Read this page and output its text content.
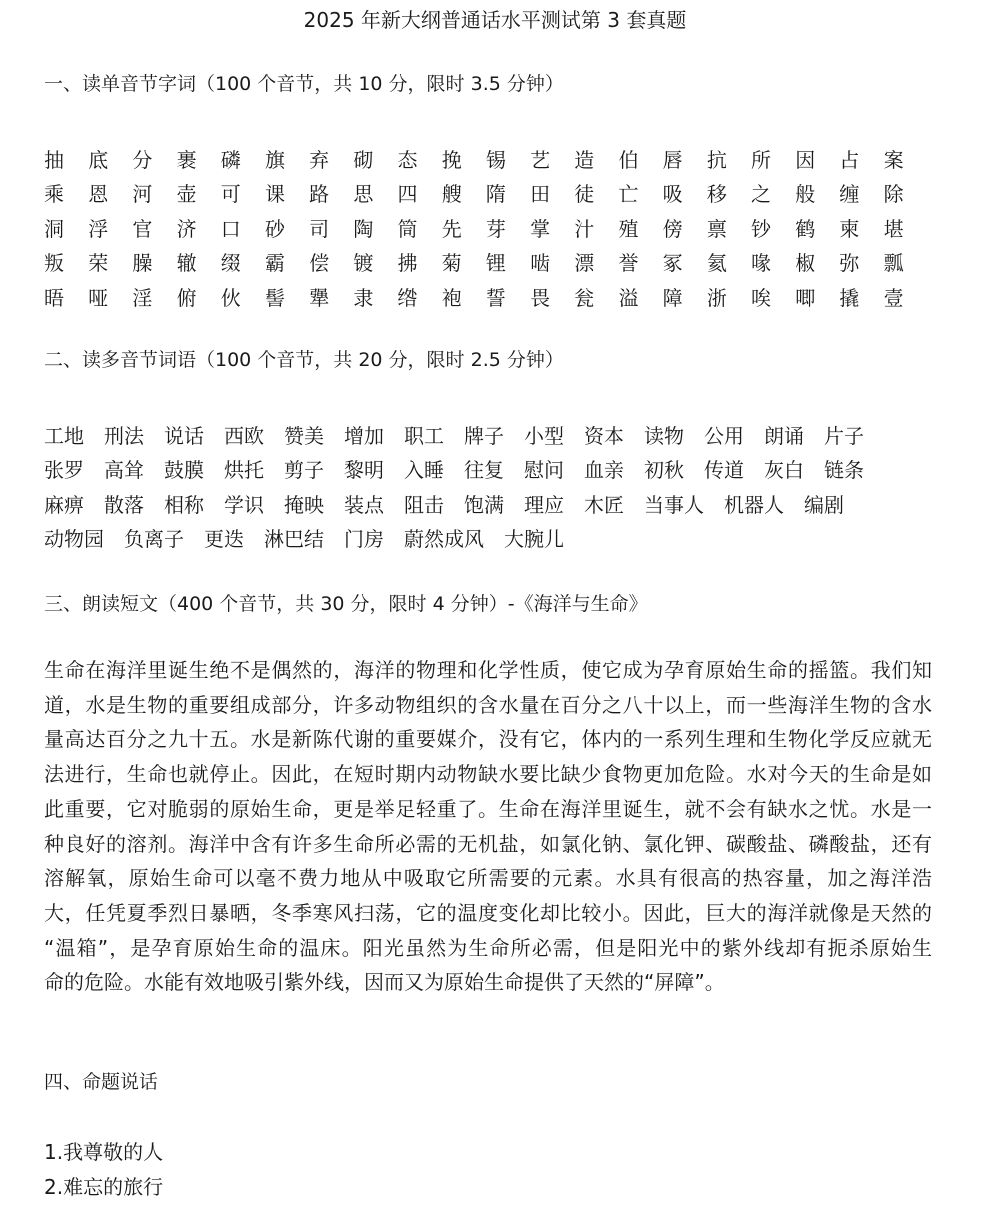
2025 年新大纲普通话水平测试第 3 套真题
一、读单音节字词（100 个音节，共 10 分，限时 3.5 分钟）
抽	底	分	裹	磷	旗	弃	砌	态	挽	锡	艺	造	伯	唇	抗	所	因	占	案
乘	恩	河	壶	可	课	路	思	四	艘	隋	田	徒	亡	吸	移	之	般	缠	除
洞	浮	官	济	口	砂	司	陶	筒	先	芽	掌	汁	殖	傍	禀	钞	鹤	柬	堪
叛	荣	臊	辙	缀	霸	偿	镀	拂	菊	锂	啮	漂	誉	冢	氦	喙	椒	弥	瓢
晤	哑	淫	俯	伙	髻	犟	隶	绺	袍	誓	畏	瓮	溢	障	浙	唉	唧	撬	壹
二、读多音节词语（100 个音节，共 20 分，限时 2.5 分钟）
工地 刑法 说话 西欧 赞美 增加 职工 牌子 小型 资本 读物 公用 朗诵 片子
张罗 高耸 鼓膜 烘托 剪子 黎明 入睡 往复 慰问 血亲 初秋 传道 灰白 链条
麻痹 散落 相称 学识 掩映 装点 阻击 饱满 理应 木匠 当事人 机器人 编剧
动物园 负离子 更迭 淋巴结 门房 蔚然成风 大腕儿
三、朗读短文（400 个音节，共 30 分，限时 4 分钟）-《海洋与生命》
生命在海洋里诞生绝不是偶然的，海洋的物理和化学性质，使它成为孕育原始生命的摇篮。我们知
道，水是生物的重要组成部分，许多动物组织的含水量在百分之八十以上，而一些海洋生物的含水
量高达百分之九十五。水是新陈代谢的重要媒介，没有它，体内的一系列生理和生物化学反应就无
法进行，生命也就停止。因此，在短时期内动物缺水要比缺少食物更加危险。水对今天的生命是如
此重要，它对脆弱的原始生命，更是举足轻重了。生命在海洋里诞生，就不会有缺水之忧。水是一
种良好的溶剂。海洋中含有许多生命所必需的无机盐，如氯化钠、氯化钾、碳酸盐、磷酸盐，还有
溶解氧，原始生命可以毫不费力地从中吸取它所需要的元素。水具有很高的热容量，加之海洋浩
大，任凭夏季烈日暴晒，冬季寒风扫荡，它的温度变化却比较小。因此，巨大的海洋就像是天然的
“温箱”，是孕育原始生命的温床。阳光虽然为生命所必需，但是阳光中的紫外线却有扼杀原始生
命的危险。水能有效地吸引紫外线，因而又为原始生命提供了天然的“屏障”。
四、命题说话
1.我尊敬的人
2.难忘的旅行
